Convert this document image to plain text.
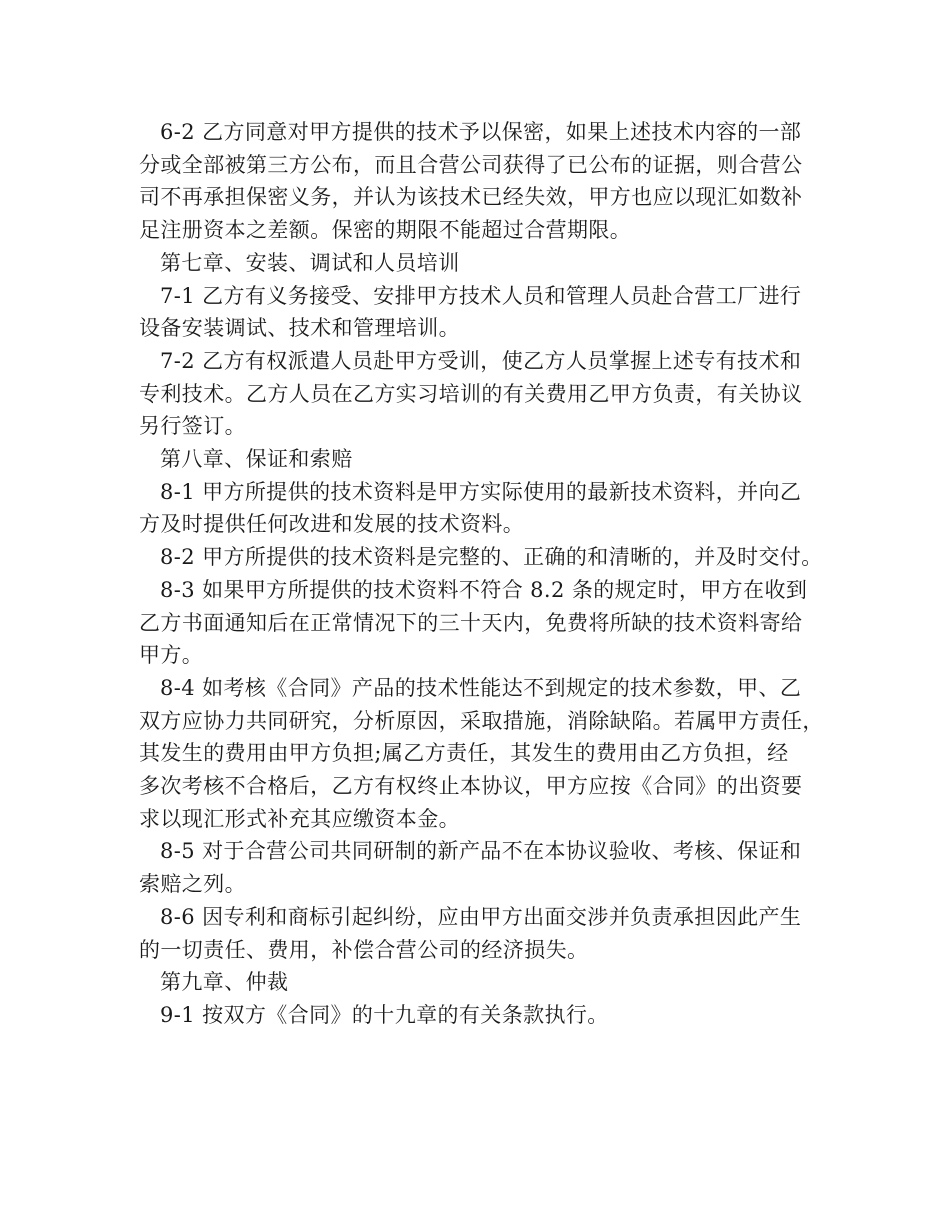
6-2 乙方同意对甲方提供的技术予以保密，如果上述技术内容的一部
分或全部被第三方公布，而且合营公司获得了已公布的证据，则合营公
司不再承担保密义务，并认为该技术已经失效，甲方也应以现汇如数补
足注册资本之差额。保密的期限不能超过合营期限。
第七章、安装、调试和人员培训
7-1 乙方有义务接受、安排甲方技术人员和管理人员赴合营工厂进行
设备安装调试、技术和管理培训。
7-2 乙方有权派遣人员赴甲方受训，使乙方人员掌握上述专有技术和
专利技术。乙方人员在乙方实习培训的有关费用乙甲方负责，有关协议
另行签订。
第八章、保证和索赔
8-1 甲方所提供的技术资料是甲方实际使用的最新技术资料，并向乙
方及时提供任何改进和发展的技术资料。
8-2 甲方所提供的技术资料是完整的、正确的和清晰的，并及时交付。
8-3 如果甲方所提供的技术资料不符合 8.2 条的规定时，甲方在收到
乙方书面通知后在正常情况下的三十天内，免费将所缺的技术资料寄给
甲方。
8-4 如考核《合同》产品的技术性能达不到规定的技术参数，甲、乙
双方应协力共同研究，分析原因，采取措施，消除缺陷。若属甲方责任，
其发生的费用由甲方负担;属乙方责任，其发生的费用由乙方负担，经
多次考核不合格后，乙方有权终止本协议，甲方应按《合同》的出资要
求以现汇形式补充其应缴资本金。
8-5 对于合营公司共同研制的新产品不在本协议验收、考核、保证和
索赔之列。
8-6 因专利和商标引起纠纷，应由甲方出面交涉并负责承担因此产生
的一切责任、费用，补偿合营公司的经济损失。
第九章、仲裁
9-1 按双方《合同》的十九章的有关条款执行。
